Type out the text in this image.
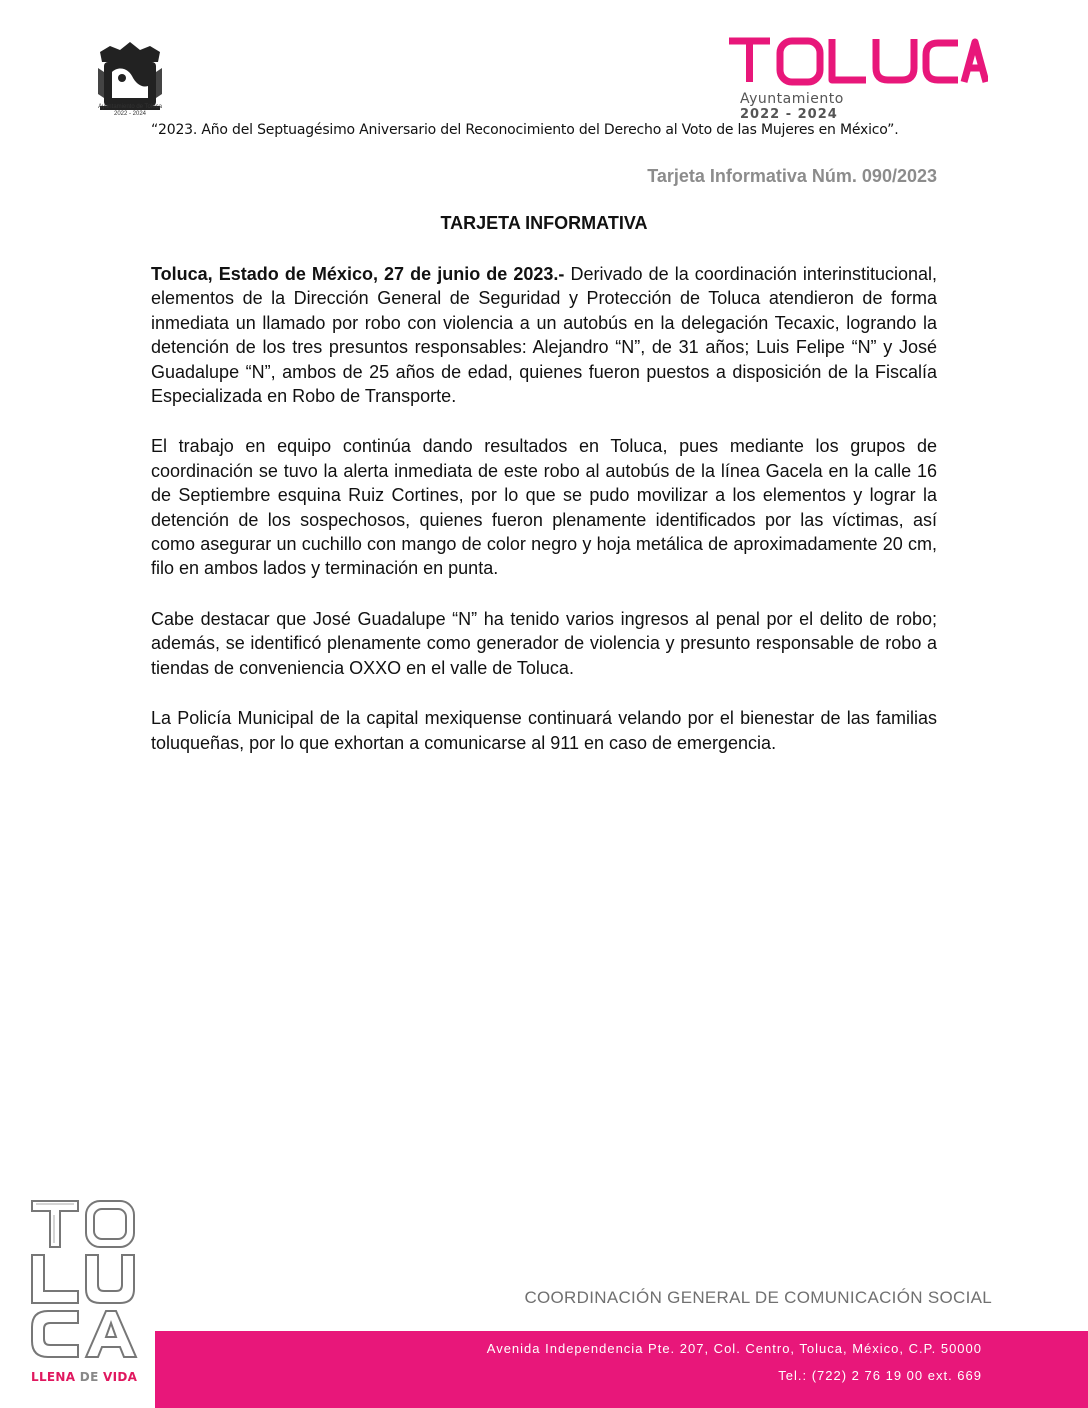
Ayuntamiento de Toluca
2022 - 2024
Ayuntamiento
2022 - 2024
“2023. Año del Septuagésimo Aniversario del Reconocimiento del Derecho al Voto de las Mujeres en México”.
Tarjeta Informativa Núm. 090/2023
TARJETA INFORMATIVA

Toluca, Estado de México, 27 de junio de 2023.- Derivado de la coordinación interinstitucional, elementos de la Dirección General de Seguridad y Protección de Toluca atendieron de forma inmediata un llamado por robo con violencia a un autobús en la delegación Tecaxic, logrando la detención de los tres presuntos responsables: Alejandro “N”, de 31 años; Luis Felipe “N” y José Guadalupe “N”, ambos de 25 años de edad, quienes fueron puestos a disposición de la Fiscalía Especializada en Robo de Transporte.

El trabajo en equipo continúa dando resultados en Toluca, pues mediante los grupos de coordinación se tuvo la alerta inmediata de este robo al autobús de la línea Gacela en la calle 16 de Septiembre esquina Ruiz Cortines, por lo que se pudo movilizar a los elementos y lograr la detención de los sospechosos, quienes fueron plenamente identificados por las víctimas, así como asegurar un cuchillo con mango de color negro y hoja metálica de aproximadamente 20 cm, filo en ambos lados y terminación en punta.

Cabe destacar que José Guadalupe “N” ha tenido varios ingresos al penal por el delito de robo; además, se identificó plenamente como generador de violencia y presunto responsable de robo a tiendas de conveniencia OXXO en el valle de Toluca.

La Policía Municipal de la capital mexiquense continuará velando por el bienestar de las familias toluqueñas, por lo que exhortan a comunicarse al 911 en caso de emergencia.

LLENA DE VIDA
COORDINACIÓN GENERAL DE COMUNICACIÓN SOCIAL
Avenida Independencia Pte. 207, Col. Centro, Toluca, México, C.P. 50000
Tel.: (722) 2 76 19 00 ext. 669
